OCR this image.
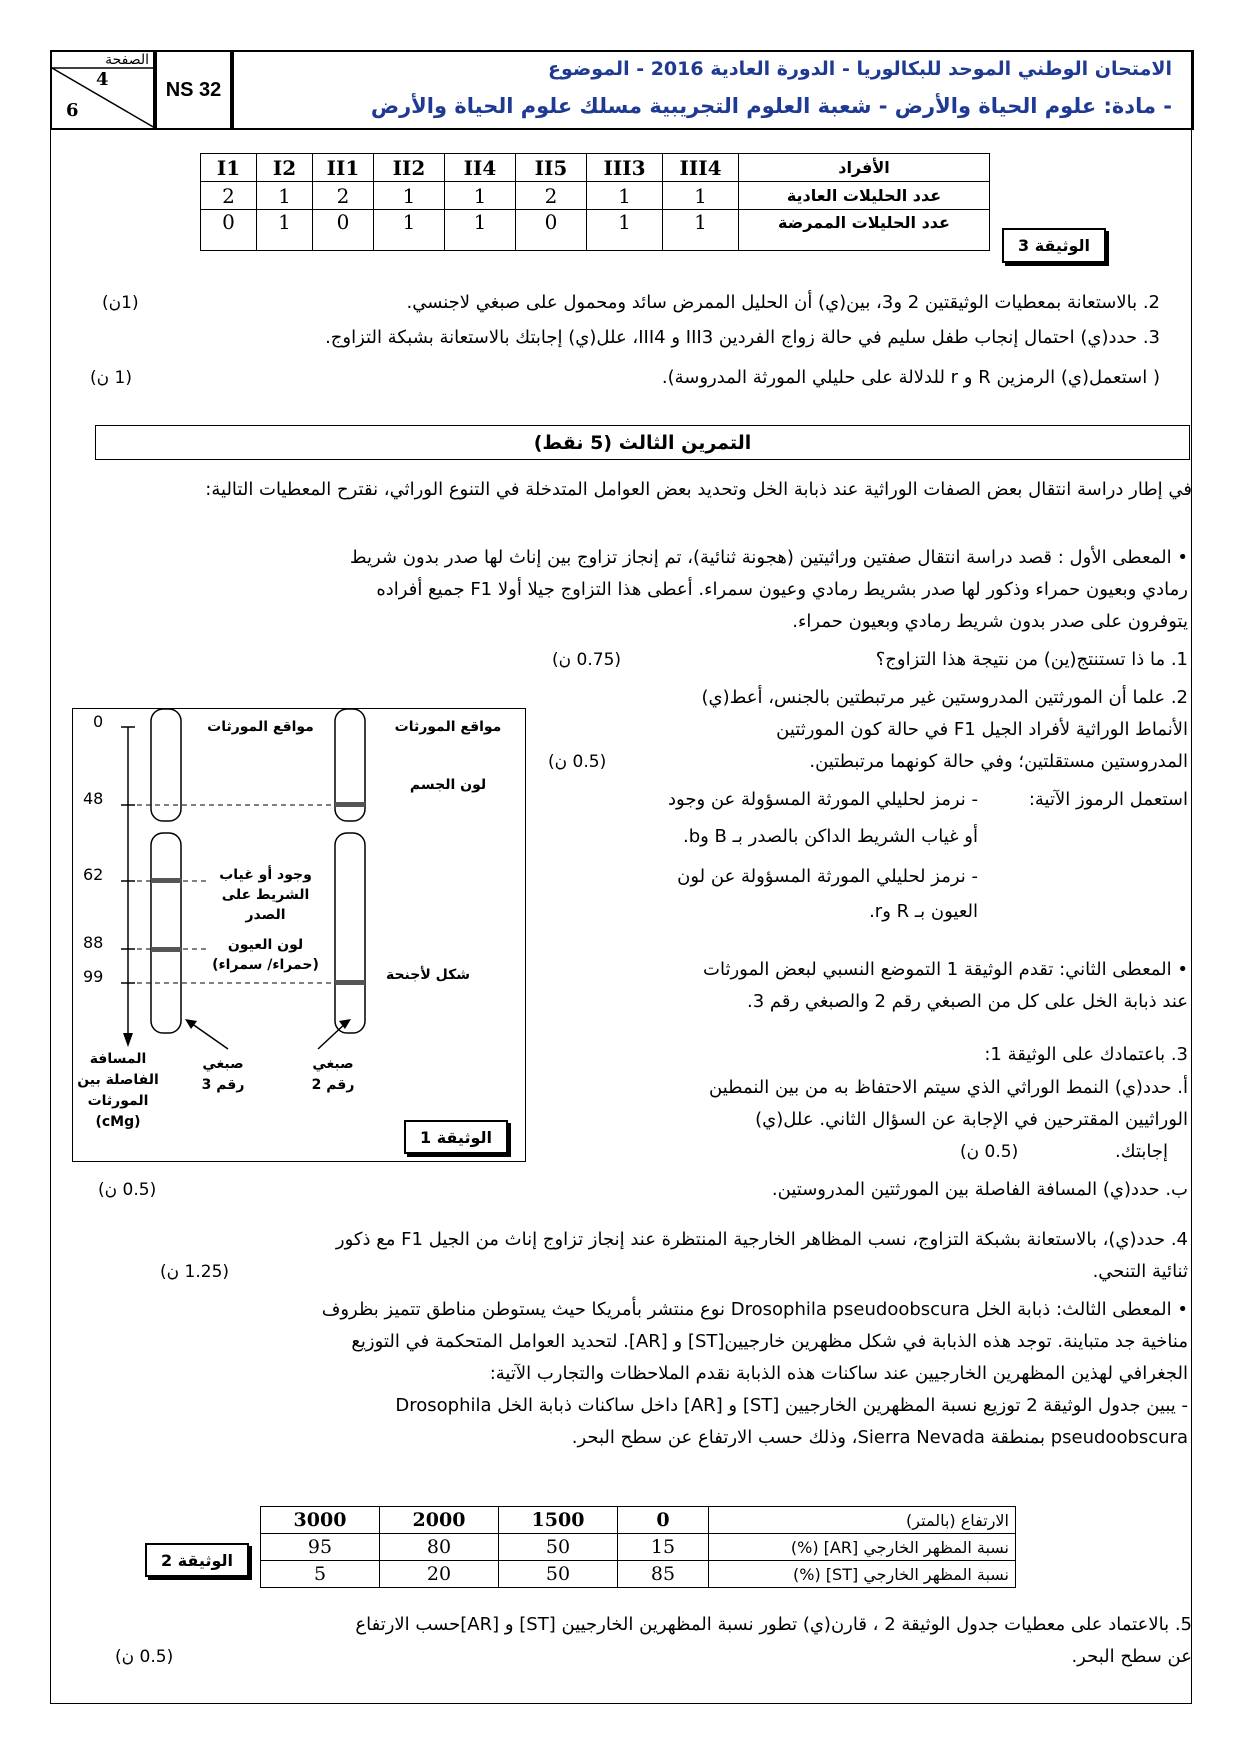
الصفحة
4
6
NS 32
الامتحان الوطني الموحد للبكالوريا - الدورة العادية 2016 - الموضوع
- مادة: علوم الحياة والأرض - شعبة العلوم التجريبية مسلك علوم الحياة والأرض
I1	I2	II1	II2	II4	II5	III3	III4	الأفراد
2	1	2	1	1	2	1	1	عدد الحليلات العادية
0	1	0	1	1	0	1	1	عدد الحليلات الممرضة
الوثيقة 3
2. بالاستعانة بمعطيات الوثيقتين 2 و3، بين(ي) أن الحليل الممرض سائد ومحمول على صبغي لاجنسي.
(1ن)
3. حدد(ي) احتمال إنجاب طفل سليم في حالة زواج الفردين III3 و III4، علل(ي) إجابتك بالاستعانة بشبكة التزاوج.
( استعمل(ي) الرمزين R و r للدلالة على حليلي المورثة المدروسة).
(1 ن)
التمرين الثالث (5 نقط)
في إطار دراسة انتقال بعض الصفات الوراثية عند ذبابة الخل وتحديد بعض العوامل المتدخلة في التنوع الوراثي، نقترح المعطيات التالية:
• المعطى الأول : قصد دراسة انتقال صفتين وراثيتين (هجونة ثنائية)، تم إنجاز تزاوج بين إناث لها صدر بدون شريط
رمادي وبعيون حمراء وذكور لها صدر بشريط رمادي وعيون سمراء. أعطى هذا التزاوج جيلا أولا F1 جميع أفراده
يتوفرون على صدر بدون شريط رمادي وبعيون حمراء.
1. ما ذا تستنتج(ين) من نتيجة هذا التزاوج؟
(0.75 ن)
2. علما أن المورثتين المدروستين غير مرتبطتين بالجنس، أعط(ي)
الأنماط الوراثية لأفراد الجيل F1 في حالة كون المورثتين
المدروستين مستقلتين؛ وفي حالة كونهما مرتبطتين.
(0.5 ن)
استعمل الرموز الآتية:
- نرمز لحليلي المورثة المسؤولة عن وجود
أو غياب الشريط الداكن بالصدر بـ B وb.
- نرمز لحليلي المورثة المسؤولة عن لون
العيون بـ R وr.
• المعطى الثاني: تقدم الوثيقة 1 التموضع النسبي لبعض المورثات
عند ذبابة الخل على كل من الصبغي رقم 2 والصبغي رقم 3.
3. باعتمادك على الوثيقة 1:
أ. حدد(ي) النمط الوراثي الذي سيتم الاحتفاظ به من بين النمطين
الوراثيين المقترحين في الإجابة عن السؤال الثاني. علل(ي)
إجابتك.
(0.5 ن)
ب. حدد(ي) المسافة الفاصلة بين المورثتين المدروستين.
(0.5 ن)
4. حدد(ي)، بالاستعانة بشبكة التزاوج، نسب المظاهر الخارجية المنتظرة عند إنجاز تزاوج إناث من الجيل F1 مع ذكور
ثنائية التنحي.
(1.25 ن)
• المعطى الثالث: ذبابة الخل Drosophila pseudoobscura نوع منتشر بأمريكا حيث يستوطن مناطق تتميز بظروف
مناخية جد متباينة. توجد هذه الذبابة في شكل مظهرين خارجيين[ST] و [AR]. لتحديد العوامل المتحكمة في التوزيع
الجغرافي لهذين المظهرين الخارجيين عند ساكنات هذه الذبابة نقدم الملاحظات والتجارب الآتية:
- يبين جدول الوثيقة 2 توزيع نسبة المظهرين الخارجيين [ST] و [AR] داخل ساكنات ذبابة الخل Drosophila
pseudoobscura بمنطقة Sierra Nevada، وذلك حسب الارتفاع عن سطح البحر.
0
48
62
88
99
مواقع المورثات	مواقع المورثات
لون الجسم
وجود أو غياب الشريط على الصدر
لون العيون (حمراء/ سمراء)
شكل لأجنحة
المسافة الفاصلة بين المورثات (cMg)
صبغي رقم 3
صبغي رقم 2
الوثيقة 1
3000	2000	1500	0	الارتفاع (بالمتر)
95	80	50	15	نسبة المظهر الخارجي [AR] (%)
5	20	50	85	نسبة المظهر الخارجي [ST] (%)
الوثيقة 2
5. بالاعتماد على معطيات جدول الوثيقة 2 ، قارن(ي) تطور نسبة المظهرين الخارجيين [ST] و [AR]حسب الارتفاع
عن سطح البحر.
(0.5 ن)
